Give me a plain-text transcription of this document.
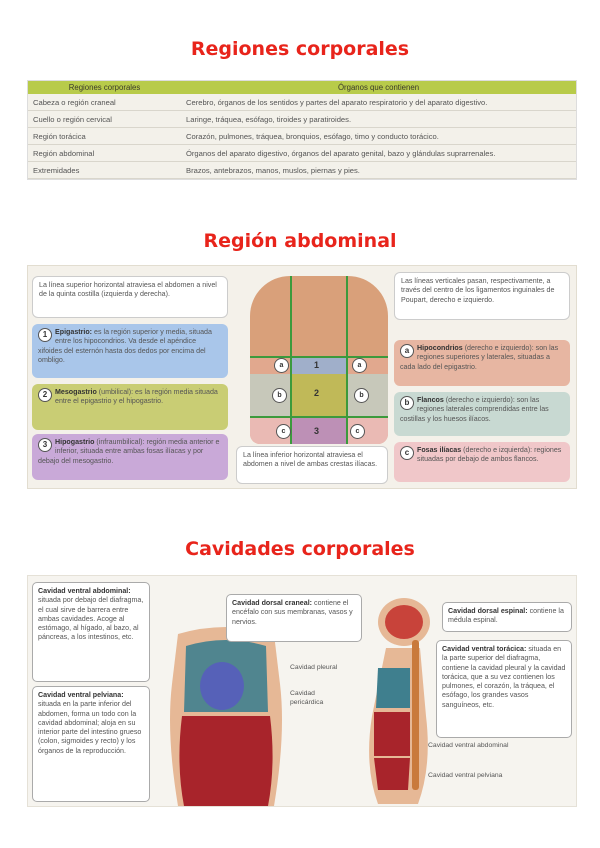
Regiones corporales
Regiones corporales	Órganos que contienen
Cabeza o región craneal	Cerebro, órganos de los sentidos y partes del aparato respiratorio y del aparato digestivo.
Cuello o región cervical	Laringe, tráquea, esófago, tiroides y paratiroides.
Región torácica	Corazón, pulmones, tráquea, bronquios, esófago, timo y conducto torácico.
Región abdominal	Órganos del aparato digestivo, órganos del aparato genital, bazo y glándulas suprarrenales.
Extremidades	Brazos, antebrazos, manos, muslos, piernas y pies.
Región abdominal
La línea superior horizontal atraviesa el abdomen a nivel de la quinta costilla (izquierda y derecha).
1	Epigastrio: es la región superior y media, situada entre los hipocondrios. Va desde el apéndice xifoides del esternón hasta dos dedos por encima del ombligo.
2	Mesogastrio (umbilical): es la región media situada entre el epigastrio y el hipogastrio.
3	Hipogastrio (infraumbilical): región media anterior e inferior, situada entre ambas fosas ilíacas y por debajo del mesogastrio.
1
2
3
a	a
b	b
c	c
La línea inferior horizontal atraviesa el abdomen a nivel de ambas crestas ilíacas.
Las líneas verticales pasan, respectivamente, a través del centro de los ligamentos inguinales de Poupart, derecho e izquierdo.
a	Hipocondrios (derecho e izquierdo): son las regiones superiores y laterales, situadas a cada lado del epigastrio.
b	Flancos (derecho e izquierdo): son las regiones laterales comprendidas entre las costillas y los huesos ilíacos.
c	Fosas ilíacas (derecho e izquierda): regiones situadas por debajo de ambos flancos.
Cavidades corporales
Cavidad ventral abdominal: situada por debajo del diafragma, el cual sirve de barrera entre ambas cavidades. Acoge al estómago, al hígado, al bazo, al páncreas, a los intestinos, etc.
Cavidad ventral pelviana: situada en la parte inferior del abdomen, forma un todo con la cavidad abdominal; aloja en su interior parte del intestino grueso (colon, sigmoides y recto) y los órganos de la reproducción.
Cavidad pleural
Cavidad pericárdica
Cavidad dorsal craneal: contiene el encéfalo con sus membranas, vasos y nervios.
Cavidad dorsal espinal: contiene la médula espinal.
Cavidad ventral torácica: situada en la parte superior del diafragma, contiene la cavidad pleural y la cavidad torácica, que a su vez contienen los pulmones, el corazón, la tráquea, el esófago, los grandes vasos sanguíneos, etc.
Cavidad ventral abdominal
Cavidad ventral pelviana
